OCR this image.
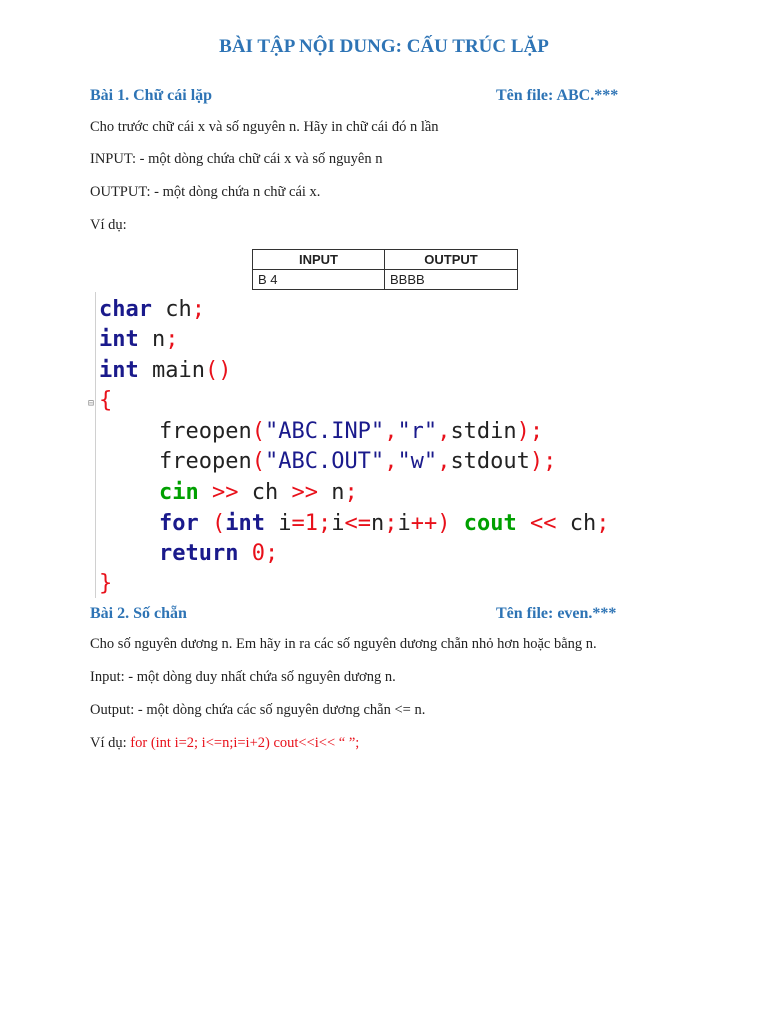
BÀI TẬP NỘI DUNG: CẤU TRÚC LẶP
Bài 1. Chữ cái lặp	Tên file: ABC.***
Cho trước chữ cái x và số nguyên n. Hãy in chữ cái đó n lần
INPUT: - một dòng chứa chữ cái x và số nguyên n
OUTPUT: - một dòng chứa n chữ cái x.
Ví dụ:
INPUT	OUTPUT
B 4	BBBB
⊟
char ch;
int n;
int main()
{
freopen("ABC.INP","r",stdin);
freopen("ABC.OUT","w",stdout);
cin >> ch >> n;
for (int i=1;i<=n;i++) cout << ch;
return 0;
}
Bài 2. Số chẵn	Tên file: even.***
Cho số nguyên dương n. Em hãy in ra các số nguyên dương chẵn nhỏ hơn hoặc bằng n.
Input: - một dòng duy nhất chứa số nguyên dương n.
Output: - một dòng chứa các số nguyên dương chẵn <= n.
Ví dụ: for (int i=2; i<=n;i=i+2) cout<<i<< “ ”;
